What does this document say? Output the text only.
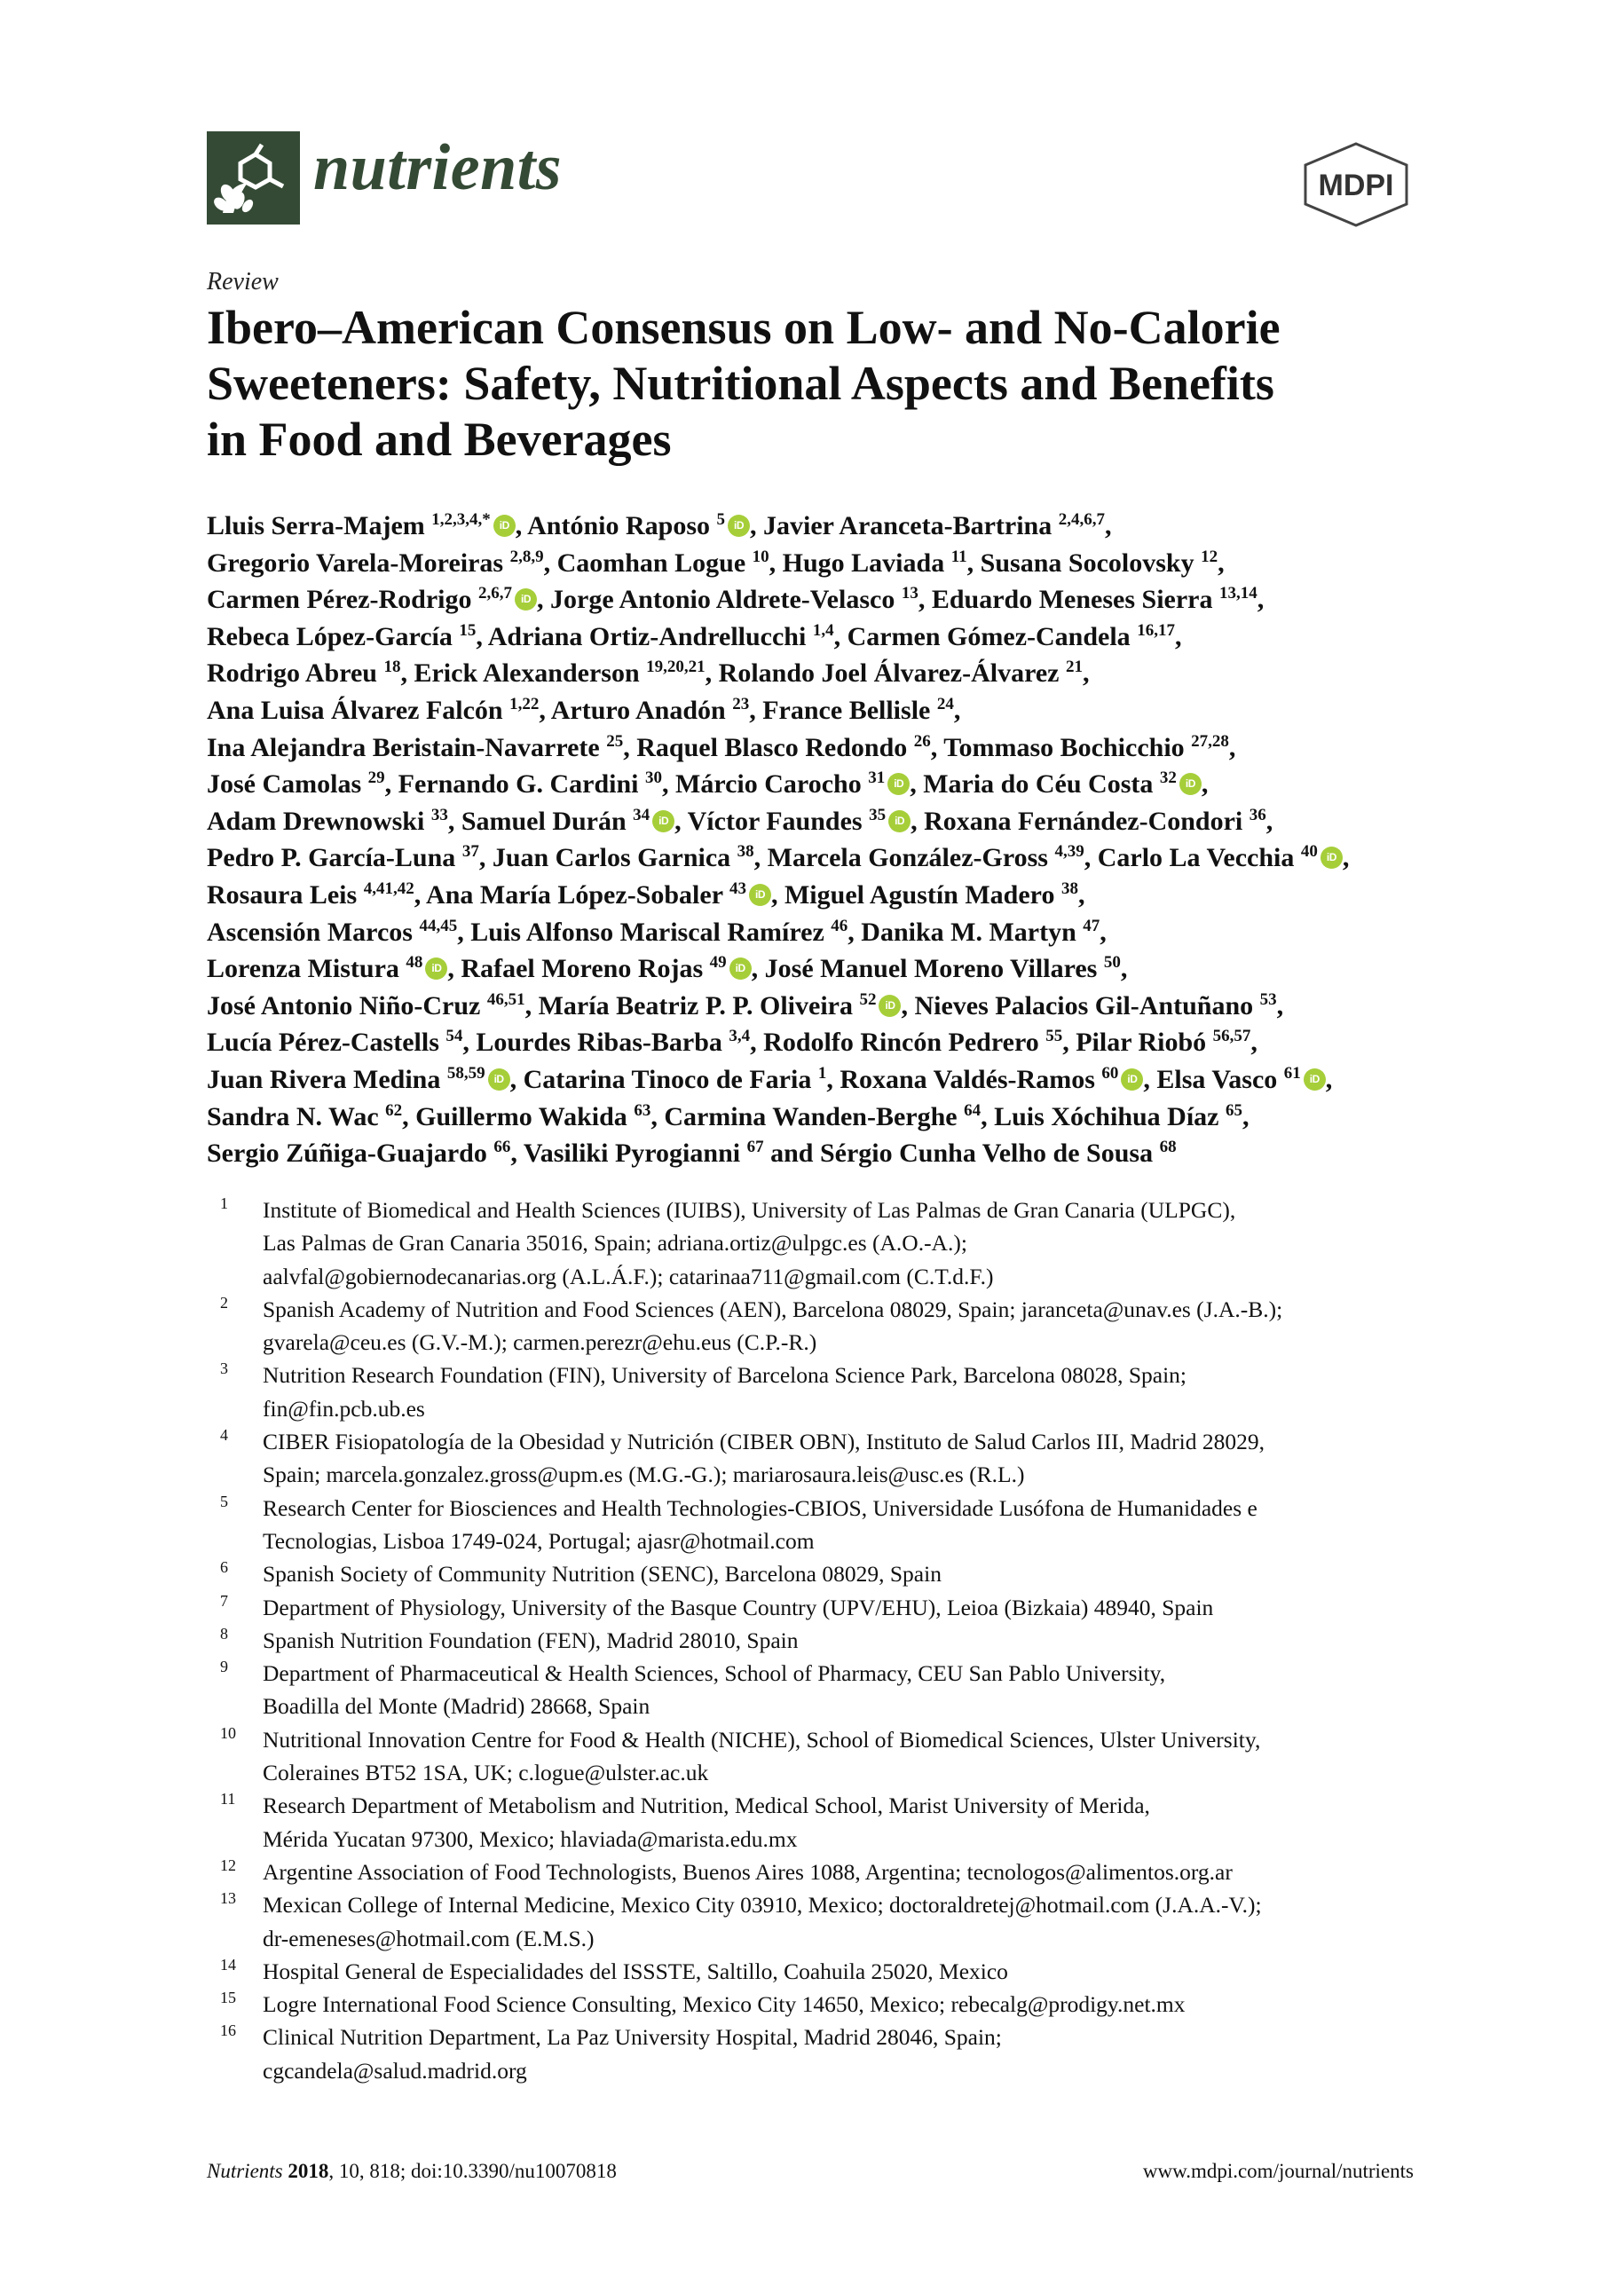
nutrients	MDPI
Review
Ibero–American Consensus on Low- and No-Calorie
Sweeteners: Safety, Nutritional Aspects and Benefits
in Food and Beverages
Lluis Serra-Majem $^{1,2,3,4,*}$ iD , António Raposo $^5$ iD , Javier Aranceta-Bartrina $^{2,4,6,7}$,
Gregorio Varela-Moreiras $^{2,8,9}$, Caomhan Logue $^{10}$, Hugo Laviada $^{11}$, Susana Socolovsky $^{12}$,
Carmen Pérez-Rodrigo $^{2,6,7}$ iD , Jorge Antonio Aldrete-Velasco $^{13}$, Eduardo Meneses Sierra $^{13,14}$,
Rebeca López-García $^{15}$, Adriana Ortiz-Andrellucchi $^{1,4}$, Carmen Gómez-Candela $^{16,17}$,
Rodrigo Abreu $^{18}$, Erick Alexanderson $^{19,20,21}$, Rolando Joel Álvarez-Álvarez $^{21}$,
Ana Luisa Álvarez Falcón $^{1,22}$, Arturo Anadón $^{23}$, France Bellisle $^{24}$,
Ina Alejandra Beristain-Navarrete $^{25}$, Raquel Blasco Redondo $^{26}$, Tommaso Bochicchio $^{27,28}$,
José Camolas $^{29}$, Fernando G. Cardini $^{30}$, Márcio Carocho $^{31}$ iD , Maria do Céu Costa $^{32}$ iD ,
Adam Drewnowski $^{33}$, Samuel Durán $^{34}$ iD , Víctor Faundes $^{35}$ iD , Roxana Fernández-Condori $^{36}$,
Pedro P. García-Luna $^{37}$, Juan Carlos Garnica $^{38}$, Marcela González-Gross $^{4,39}$, Carlo La Vecchia $^{40}$ iD ,
Rosaura Leis $^{4,41,42}$, Ana María López-Sobaler $^{43}$ iD , Miguel Agustín Madero $^{38}$,
Ascensión Marcos $^{44,45}$, Luis Alfonso Mariscal Ramírez $^{46}$, Danika M. Martyn $^{47}$,
Lorenza Mistura $^{48}$ iD , Rafael Moreno Rojas $^{49}$ iD , José Manuel Moreno Villares $^{50}$,
José Antonio Niño-Cruz $^{46,51}$, María Beatriz P. P. Oliveira $^{52}$ iD , Nieves Palacios Gil-Antuñano $^{53}$,
Lucía Pérez-Castells $^{54}$, Lourdes Ribas-Barba $^{3,4}$, Rodolfo Rincón Pedrero $^{55}$, Pilar Riobó $^{56,57}$,
Juan Rivera Medina $^{58,59}$ iD , Catarina Tinoco de Faria $^1$, Roxana Valdés-Ramos $^{60}$ iD , Elsa Vasco $^{61}$ iD ,
Sandra N. Wac $^{62}$, Guillermo Wakida $^{63}$, Carmina Wanden-Berghe $^{64}$, Luis Xóchihua Díaz $^{65}$,
Sergio Zúñiga-Guajardo $^{66}$, Vasiliki Pyrogianni $^{67}$ and Sérgio Cunha Velho de Sousa $^{68}$
1 Institute of Biomedical and Health Sciences (IUIBS), University of Las Palmas de Gran Canaria (ULPGC),
Las Palmas de Gran Canaria 35016, Spain; adriana.ortiz@ulpgc.es (A.O.-A.);
aalvfal@gobiernodecanarias.org (A.L.Á.F.); catarinaa711@gmail.com (C.T.d.F.)
2 Spanish Academy of Nutrition and Food Sciences (AEN), Barcelona 08029, Spain; jaranceta@unav.es (J.A.-B.);
gvarela@ceu.es (G.V.-M.); carmen.perezr@ehu.eus (C.P.-R.)
3 Nutrition Research Foundation (FIN), University of Barcelona Science Park, Barcelona 08028, Spain;
fin@fin.pcb.ub.es
4 CIBER Fisiopatología de la Obesidad y Nutrición (CIBER OBN), Instituto de Salud Carlos III, Madrid 28029,
Spain; marcela.gonzalez.gross@upm.es (M.G.-G.); mariarosaura.leis@usc.es (R.L.)
5 Research Center for Biosciences and Health Technologies-CBIOS, Universidade Lusófona de Humanidades e
Tecnologias, Lisboa 1749-024, Portugal; ajasr@hotmail.com
6 Spanish Society of Community Nutrition (SENC), Barcelona 08029, Spain
7 Department of Physiology, University of the Basque Country (UPV/EHU), Leioa (Bizkaia) 48940, Spain
8 Spanish Nutrition Foundation (FEN), Madrid 28010, Spain
9 Department of Pharmaceutical & Health Sciences, School of Pharmacy, CEU San Pablo University,
Boadilla del Monte (Madrid) 28668, Spain
10 Nutritional Innovation Centre for Food & Health (NICHE), School of Biomedical Sciences, Ulster University,
Coleraines BT52 1SA, UK; c.logue@ulster.ac.uk
11 Research Department of Metabolism and Nutrition, Medical School, Marist University of Merida,
Mérida Yucatan 97300, Mexico; hlaviada@marista.edu.mx
12 Argentine Association of Food Technologists, Buenos Aires 1088, Argentina; tecnologos@alimentos.org.ar
13 Mexican College of Internal Medicine, Mexico City 03910, Mexico; doctoraldretej@hotmail.com (J.A.A.-V.);
dr-emeneses@hotmail.com (E.M.S.)
14 Hospital General de Especialidades del ISSSTE, Saltillo, Coahuila 25020, Mexico
15 Logre International Food Science Consulting, Mexico City 14650, Mexico; rebecalg@prodigy.net.mx
16 Clinical Nutrition Department, La Paz University Hospital, Madrid 28046, Spain;
cgcandela@salud.madrid.org
Nutrients 2018, 10, 818; doi:10.3390/nu10070818	www.mdpi.com/journal/nutrients
